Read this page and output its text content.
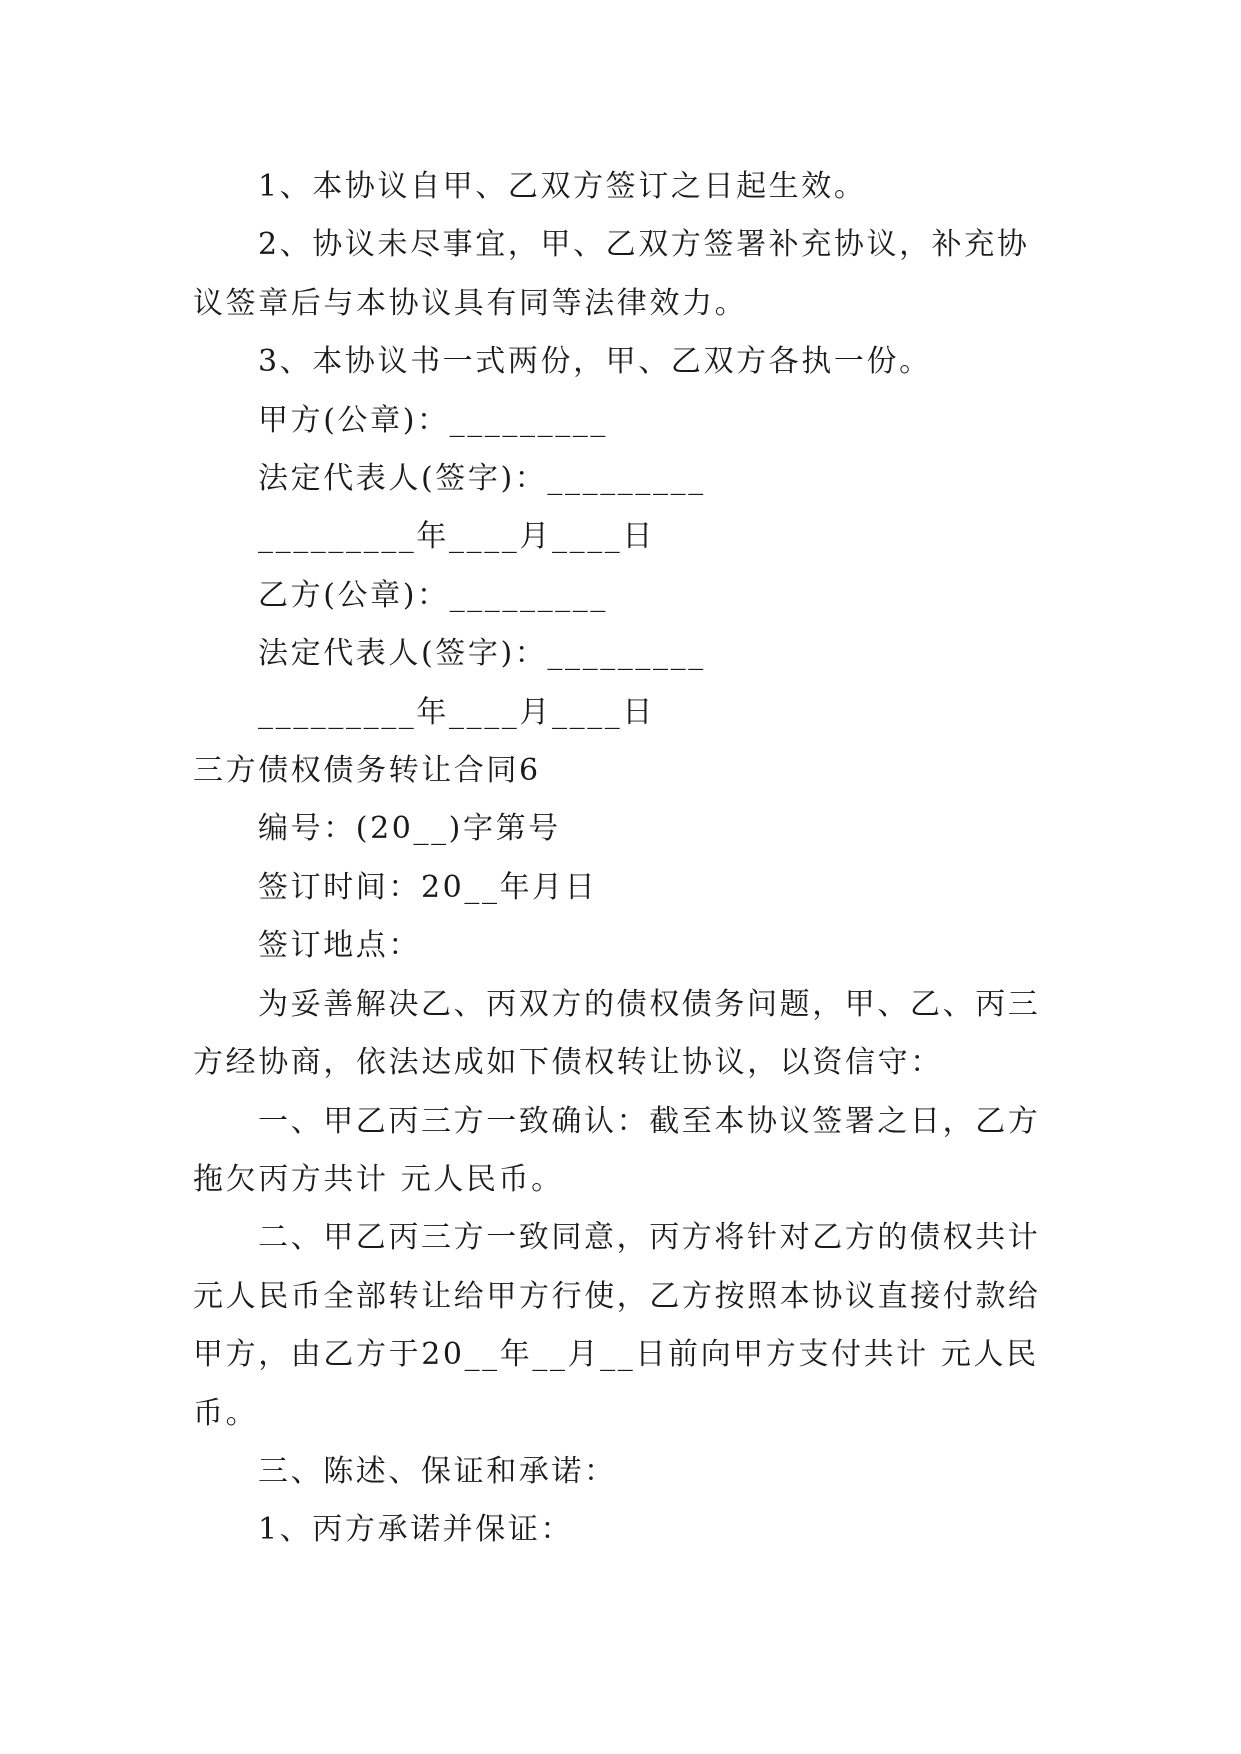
1、本协议自甲、乙双方签订之日起生效。

2、协议未尽事宜，甲、乙双方签署补充协议，补充协议签章后与本协议具有同等法律效力。

3、本协议书一式两份，甲、乙双方各执一份。

甲方(公章)：_________

法定代表人(签字)：_________

_________年____月____日

乙方(公章)：_________

法定代表人(签字)：_________

_________年____月____日

三方债权债务转让合同6

编号：(20__)字第号

签订时间：20__年月日

签订地点：

为妥善解决乙、丙双方的债权债务问题，甲、乙、丙三方经协商，依法达成如下债权转让协议，以资信守：

一、甲乙丙三方一致确认：截至本协议签署之日，乙方拖欠丙方共计 元人民币。

二、甲乙丙三方一致同意，丙方将针对乙方的债权共计元人民币全部转让给甲方行使，乙方按照本协议直接付款给甲方，由乙方于20__年__月__日前向甲方支付共计 元人民币。

三、陈述、保证和承诺：

1、丙方承诺并保证：
